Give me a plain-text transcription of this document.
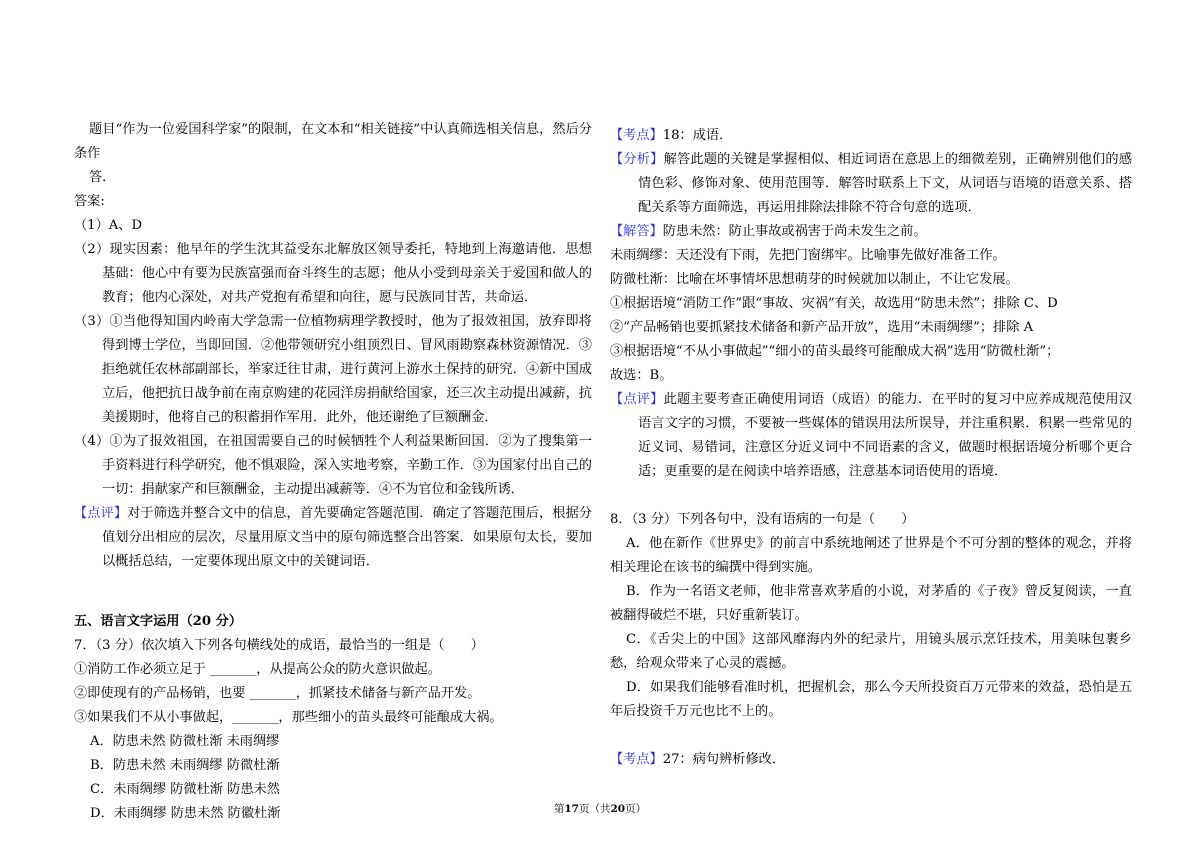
题目“作为一位爱国科学家”的限制，在文本和“相关链接”中认真筛选相关信息，然后分条作

答．

答案:

（1）A、D

（2）现实因素：他早年的学生沈其益受东北解放区领导委托，特地到上海邀请他．思想基础：他心中有要为民族富强而奋斗终生的志愿；他从小受到母亲关于爱国和做人的教育；他内心深处，对共产党抱有希望和向往，愿与民族同甘苦，共命运．

（3）①当他得知国内岭南大学急需一位植物病理学教授时，他为了报效祖国，放弃即将得到博士学位，当即回国．②他带领研究小组顶烈日、冒风雨勘察森林资源情况．③拒绝就任农林部副部长，举家迁往甘肃，进行黄河上游水土保持的研究．④新中国成立后，他把抗日战争前在南京购建的花园洋房捐献给国家，还三次主动提出减薪，抗美援期时，他将自己的积蓄捐作军用．此外，他还谢绝了巨额酬金．

（4）①为了报效祖国，在祖国需要自己的时候牺牲个人利益果断回国．②为了搜集第一手资料进行科学研究，他不惧艰险，深入实地考察，辛勤工作．③为国家付出自己的一切：捐献家产和巨额酬金，主动提出减薪等．④不为官位和金钱所诱．

【点评】对于筛选并整合文中的信息，首先要确定答题范围．确定了答题范围后，根据分值划分出相应的层次，尽量用原文当中的原句筛选整合出答案．如果原句太长，要加以概括总结，一定要体现出原文中的关键词语．

五、语言文字运用（20 分）

7．（3 分）依次填入下列各句横线处的成语，最恰当的一组是（　　）

①消防工作必须立足于 _______，从提高公众的防火意识做起。

②即使现有的产品杨销，也要 _______，抓紧技术储备与新产品开发。

③如果我们不从小事做起，_______，那些细小的苗头最终可能酿成大祸。

A．防患未然 防微杜渐 未雨绸缪

B．防患未然 未雨绸缪 防微杜渐

C．未雨绸缪 防微杜渐 防患未然

D．未雨绸缪 防患未然 防徽杜渐

【考点】18：成语．

【分析】解答此题的关键是掌握相似、相近词语在意思上的细微差别，正确辨别他们的感情色彩、修饰对象、使用范围等．解答时联系上下文，从词语与语境的语意关系、搭配关系等方面筛选，再运用排除法排除不符合句意的选项．

【解答】防患未然：防止事故或祸害于尚未发生之前。

未雨绸缪：天还没有下雨，先把门窗绑牢。比喻事先做好准备工作。

防微杜渐：比喻在坏事情坏思想萌芽的时候就加以制止，不让它发展。

①根据语境“消防工作”跟“事故、灾祸”有关，故选用“防患未然”；排除 C、D

②“产品畅销也要抓紧技术储备和新产品开放”，选用“未雨绸缪”；排除 A

③根据语境“不从小事做起”“细小的苗头最终可能酿成大祸”选用“防微杜渐”；

故选：B。

【点评】此题主要考查正确使用词语（成语）的能力．在平时的复习中应养成规范使用汉语言文字的习惯，不要被一些媒体的错误用法所误导，并注重积累．积累一些常见的近义词、易错词，注意区分近义词中不同语素的含义，做题时根据语境分析哪个更合适；更重要的是在阅读中培养语感，注意基本词语使用的语境．

8．（3 分）下列各句中，没有语病的一句是（　　）

A．他在新作《世界史》的前言中系统地阐述了世界是个不可分割的整体的观念，并将相关理论在该书的编撰中得到实施。

B．作为一名语文老师，他非常喜欢茅盾的小说，对茅盾的《子夜》曾反复阅读，一直被翻得破烂不堪，只好重新装订。

C．《舌尖上的中国》这部风靡海内外的纪录片，用镜头展示烹饪技术，用美味包裹乡愁，给观众带来了心灵的震撼。

D．如果我们能够看准时机，把握机会，那么今天所投资百万元带来的效益，恐怕是五年后投资千万元也比不上的。

【考点】27：病句辨析修改．

第17页（共20页）
